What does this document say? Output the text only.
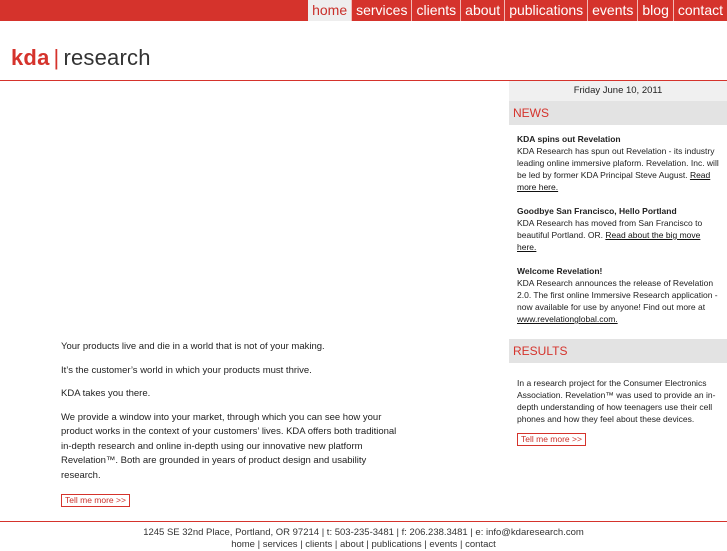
home services clients about publications events blog contact
kda | research

Your products live and die in a world that is not of your making.

It’s the customer’s world in which your products must thrive.

KDA takes you there.

We provide a window into your market, through which you can see how your product works in the context of your customers’ lives. KDA offers both traditional in-depth research and online in-depth using our innovative new platform Revelation™. Both are grounded in years of product design and usability research.

Tell me more >>
Friday June 10, 2011
NEWS
KDA spins out Revelation
KDA Research has spun out Revelation - its industry leading online immersive plaform. Revelation. Inc. will be led by former KDA Principal Steve August. Read more here.
Goodbye San Francisco, Hello Portland
KDA Research has moved from San Francisco to beautiful Portland. OR. Read about the big move here.
Welcome Revelation!
KDA Research announces the release of Revelation 2.0. The first online Immersive Research application - now available for use by anyone! Find out more at www.revelationglobal.com.
RESULTS
In a research project for the Consumer Electronics Association. Revelation™ was used to provide an in-depth understanding of how teenagers use their cell phones and how they feel about these devices.
Tell me more >>
1245 SE 32nd Place, Portland, OR 97214 | t: 503-235-3481 | f: 206.238.3481 | e: info@kdaresearch.com
home | services | clients | about | publications | events | contact
